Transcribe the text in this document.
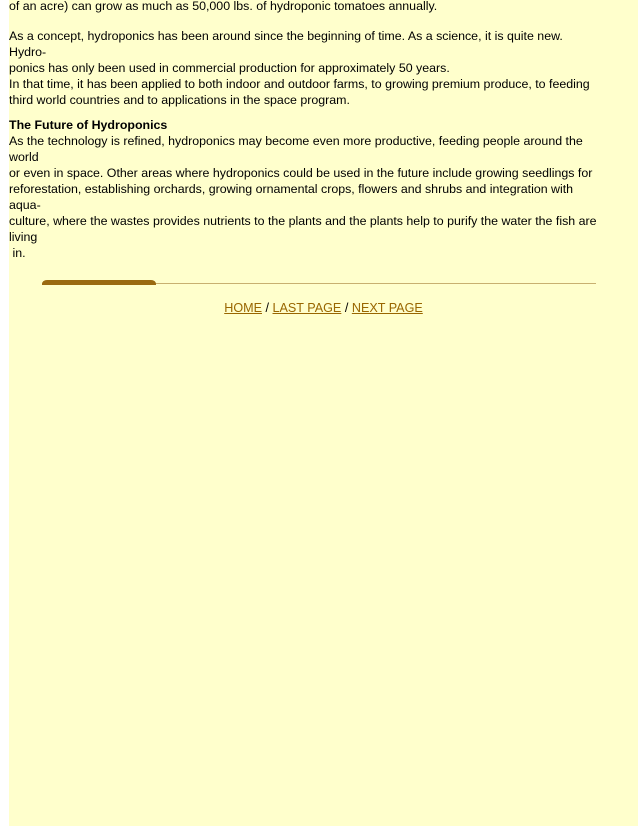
of an acre) can grow as much as 50,000 lbs. of hydroponic tomatoes annually.
As a concept, hydroponics has been around since the beginning of time. As a science, it is quite new.
Hydro-
ponics has only been used in commercial production for approximately 50 years.
In that time, it has been applied to both indoor and outdoor farms, to growing premium produce, to feeding
third world countries and to applications in the space program.
The Future of Hydroponics
As the technology is refined, hydroponics may become even more productive, feeding people around the
world
or even in space. Other areas where hydroponics could be used in the future include growing seedlings for
reforestation, establishing orchards, growing ornamental crops, flowers and shrubs and integration with
aqua-
culture, where the wastes provides nutrients to the plants and the plants help to purify the water the fish are
living
in.
HOME / LAST PAGE / NEXT PAGE
